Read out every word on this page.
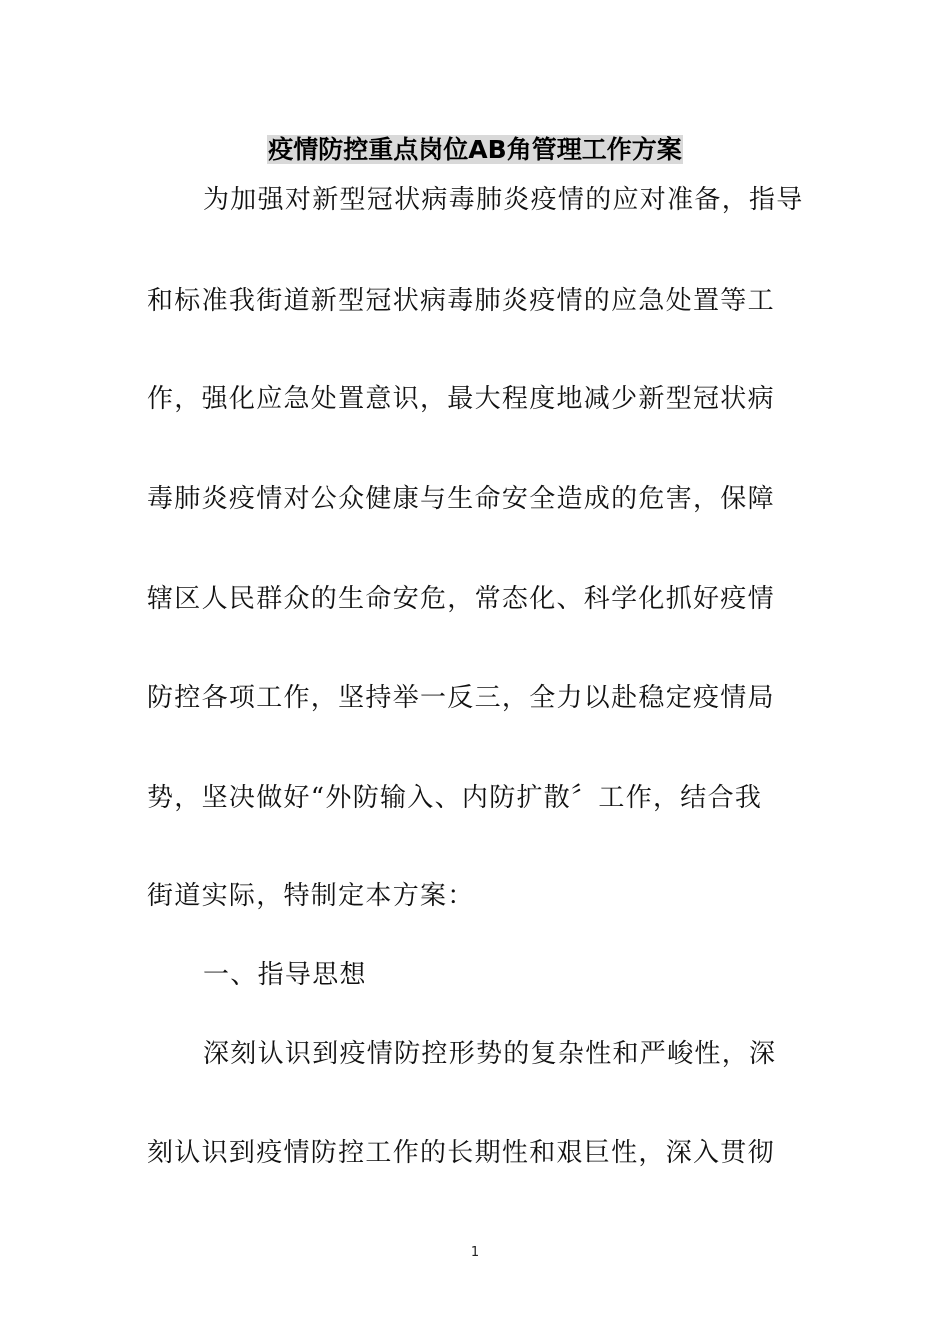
疫情防控重点岗位AB角管理工作方案
为加强对新型冠状病毒肺炎疫情的应对准备，指导
和标准我街道新型冠状病毒肺炎疫情的应急处置等工
作，强化应急处置意识，最大程度地减少新型冠状病
毒肺炎疫情对公众健康与生命安全造成的危害，保障
辖区人民群众的生命安危，常态化、科学化抓好疫情
防控各项工作，坚持举一反三，全力以赴稳定疫情局
势，坚决做好“外防输入、内防扩散〞工作，结合我
街道实际，特制定本方案：
一、指导思想
深刻认识到疫情防控形势的复杂性和严峻性，深
刻认识到疫情防控工作的长期性和艰巨性，深入贯彻
1
